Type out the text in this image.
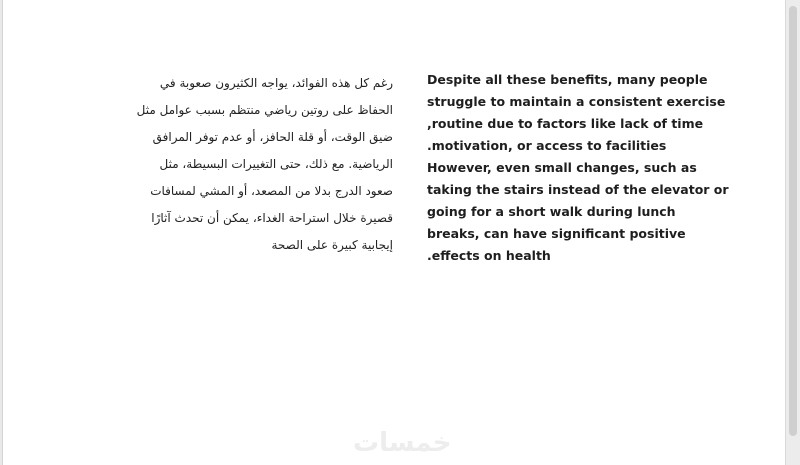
رغم كل هذه الفوائد، يواجه الكثيرون صعوبة في
الحفاظ على روتين رياضي منتظم بسبب عوامل مثل
ضيق الوقت، أو قلة الحافز، أو عدم توفر المرافق
الرياضية. مع ذلك، حتى التغييرات البسيطة، مثل
صعود الدرج بدلا من المصعد، أو المشي لمسافات
قصيرة خلال استراحة الغداء، يمكن أن تحدث آثارًا
إيجابية كبيرة على الصحة
Despite all these benefits, many people
struggle to maintain a consistent exercise
,routine due to factors like lack of time
.motivation, or access to facilities
However, even small changes, such as
taking the stairs instead of the elevator or
going for a short walk during lunch
breaks, can have significant positive
.effects on health
خمسات
